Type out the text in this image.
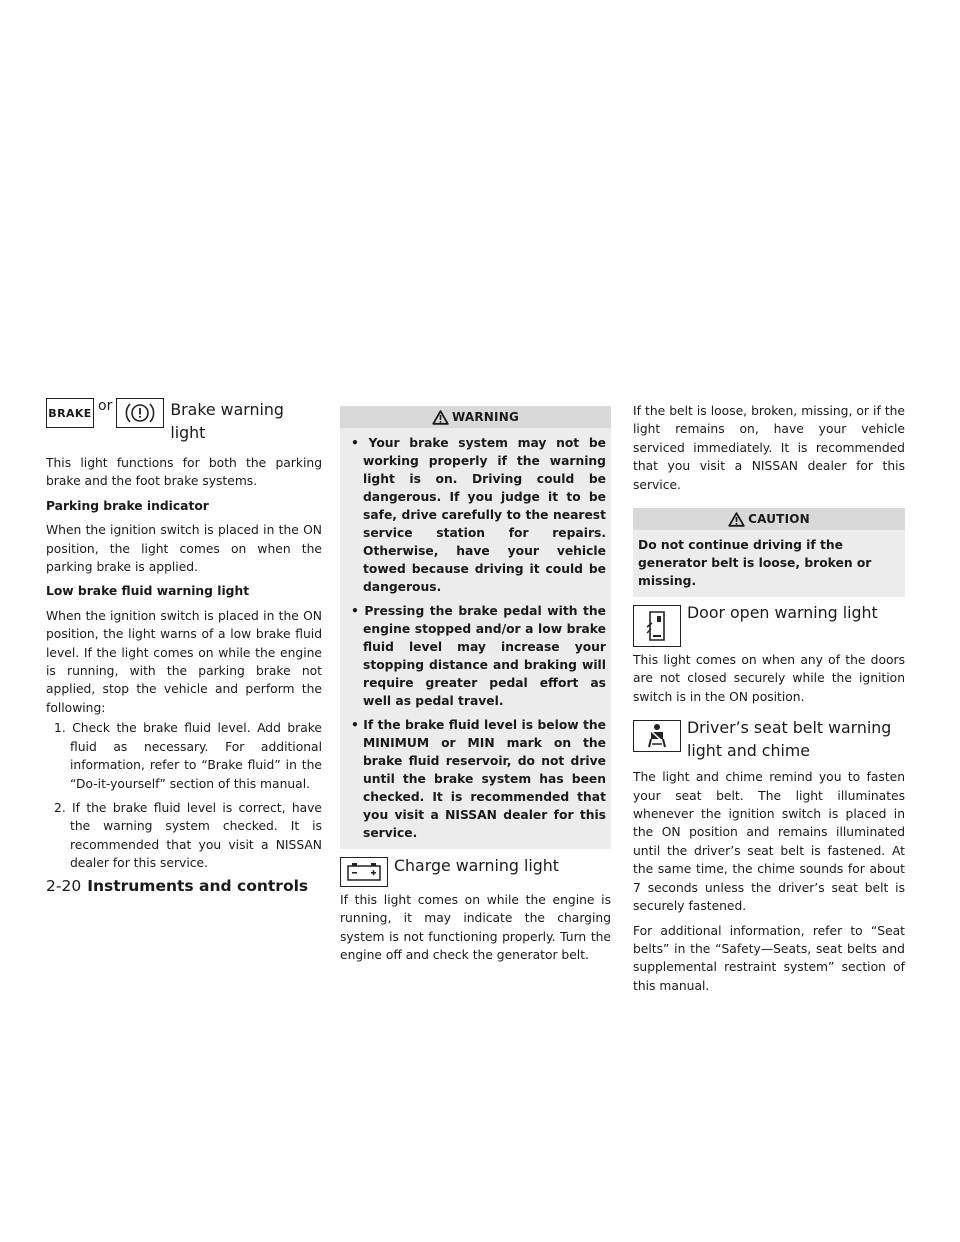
BRAKE or	Brake warning
light

This light functions for both the parking brake and the foot brake systems.

Parking brake indicator

When the ignition switch is placed in the ON position, the light comes on when the parking brake is applied.

Low brake fluid warning light

When the ignition switch is placed in the ON position, the light warns of a low brake fluid level. If the light comes on while the engine is running, with the parking brake not applied, stop the vehicle and perform the following:

1. Check the brake fluid level. Add brake fluid as necessary. For additional information, refer to “Brake fluid” in the “Do-it-yourself” section of this manual.
2. If the brake fluid level is correct, have the warning system checked. It is recommended that you visit a NISSAN dealer for this service.
WARNING
• Your brake system may not be working properly if the warning light is on. Driving could be dangerous. If you judge it to be safe, drive carefully to the nearest service station for repairs. Otherwise, have your vehicle towed because driving it could be dangerous.
• Pressing the brake pedal with the engine stopped and/or a low brake fluid level may increase your stopping distance and braking will require greater pedal effort as well as pedal travel.
• If the brake fluid level is below the MINIMUM or MIN mark on the brake fluid reservoir, do not drive until the brake system has been checked. It is recommended that you visit a NISSAN dealer for this service.
Charge warning light

If this light comes on while the engine is running, it may indicate the charging system is not functioning properly. Turn the engine off and check the generator belt.

If the belt is loose, broken, missing, or if the light remains on, have your vehicle serviced immediately. It is recommended that you visit a NISSAN dealer for this service.

CAUTION

Do not continue driving if the generator belt is loose, broken or missing.

Door open warning light

This light comes on when any of the doors are not closed securely while the ignition switch is in the ON position.

Driver’s seat belt warning
light and chime

The light and chime remind you to fasten your seat belt. The light illuminates whenever the ignition switch is placed in the ON position and remains illuminated until the driver’s seat belt is fastened. At the same time, the chime sounds for about 7 seconds unless the driver’s seat belt is securely fastened.

For additional information, refer to “Seat belts” in the “Safety—Seats, seat belts and supplemental restraint system” section of this manual.

2-20 Instruments and controls
